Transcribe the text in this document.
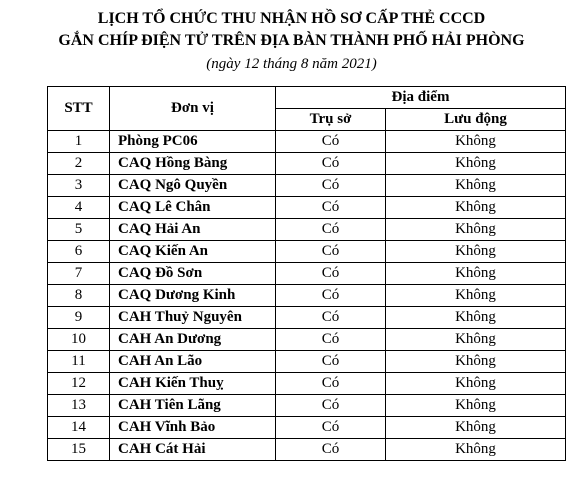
LỊCH TỔ CHỨC THU NHẬN HỒ SƠ CẤP THẺ CCCD
GẮN CHÍP ĐIỆN TỬ TRÊN ĐỊA BÀN THÀNH PHỐ HẢI PHÒNG
(ngày 12 tháng 8 năm 2021)
STT	Đơn vị	Địa điểm	
		Trụ sở	Lưu động
1	Phòng PC06	Có	Không
2	CAQ Hồng Bàng	Có	Không
3	CAQ Ngô Quyền	Có	Không
4	CAQ Lê Chân	Có	Không
5	CAQ Hải An	Có	Không
6	CAQ Kiến An	Có	Không
7	CAQ Đồ Sơn	Có	Không
8	CAQ Dương Kinh	Có	Không
9	CAH Thuỷ Nguyên	Có	Không
10	CAH An Dương	Có	Không
11	CAH An Lão	Có	Không
12	CAH Kiến Thuỵ	Có	Không
13	CAH Tiên Lãng	Có	Không
14	CAH Vĩnh Bảo	Có	Không
15	CAH Cát Hải	Có	Không
